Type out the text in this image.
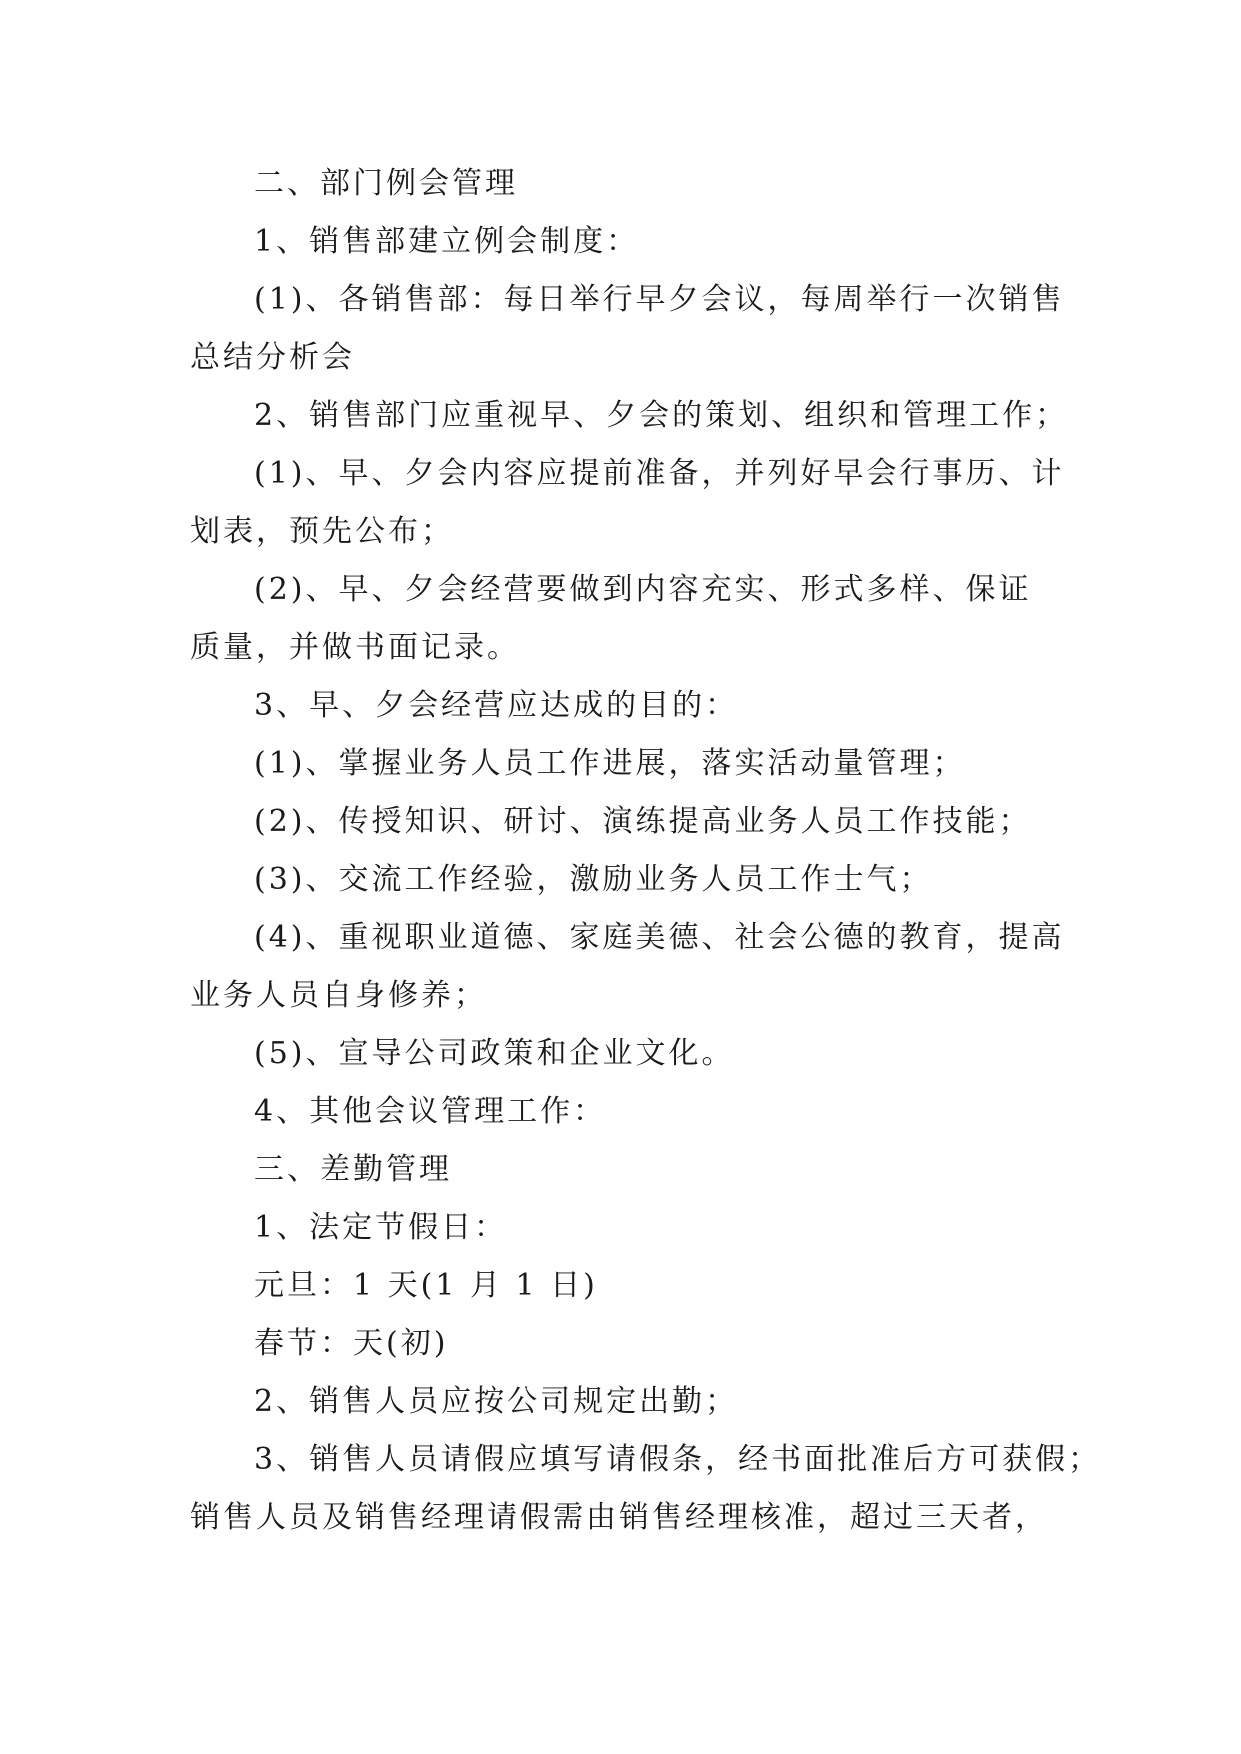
二、部门例会管理

1、销售部建立例会制度：

(1)、各销售部：每日举行早夕会议，每周举行一次销售

总结分析会

2、销售部门应重视早、夕会的策划、组织和管理工作；

(1)、早、夕会内容应提前准备，并列好早会行事历、计

划表，预先公布；

(2)、早、夕会经营要做到内容充实、形式多样、保证

质量，并做书面记录。

3、早、夕会经营应达成的目的：

(1)、掌握业务人员工作进展，落实活动量管理；

(2)、传授知识、研讨、演练提高业务人员工作技能；

(3)、交流工作经验，激励业务人员工作士气；

(4)、重视职业道德、家庭美德、社会公德的教育，提高

业务人员自身修养；

(5)、宣导公司政策和企业文化。

4、其他会议管理工作：

三、差勤管理

1、法定节假日：

元旦：1 天(1 月 1 日)

春节：天(初)

2、销售人员应按公司规定出勤；

3、销售人员请假应填写请假条，经书面批准后方可获假；

销售人员及销售经理请假需由销售经理核准，超过三天者，
